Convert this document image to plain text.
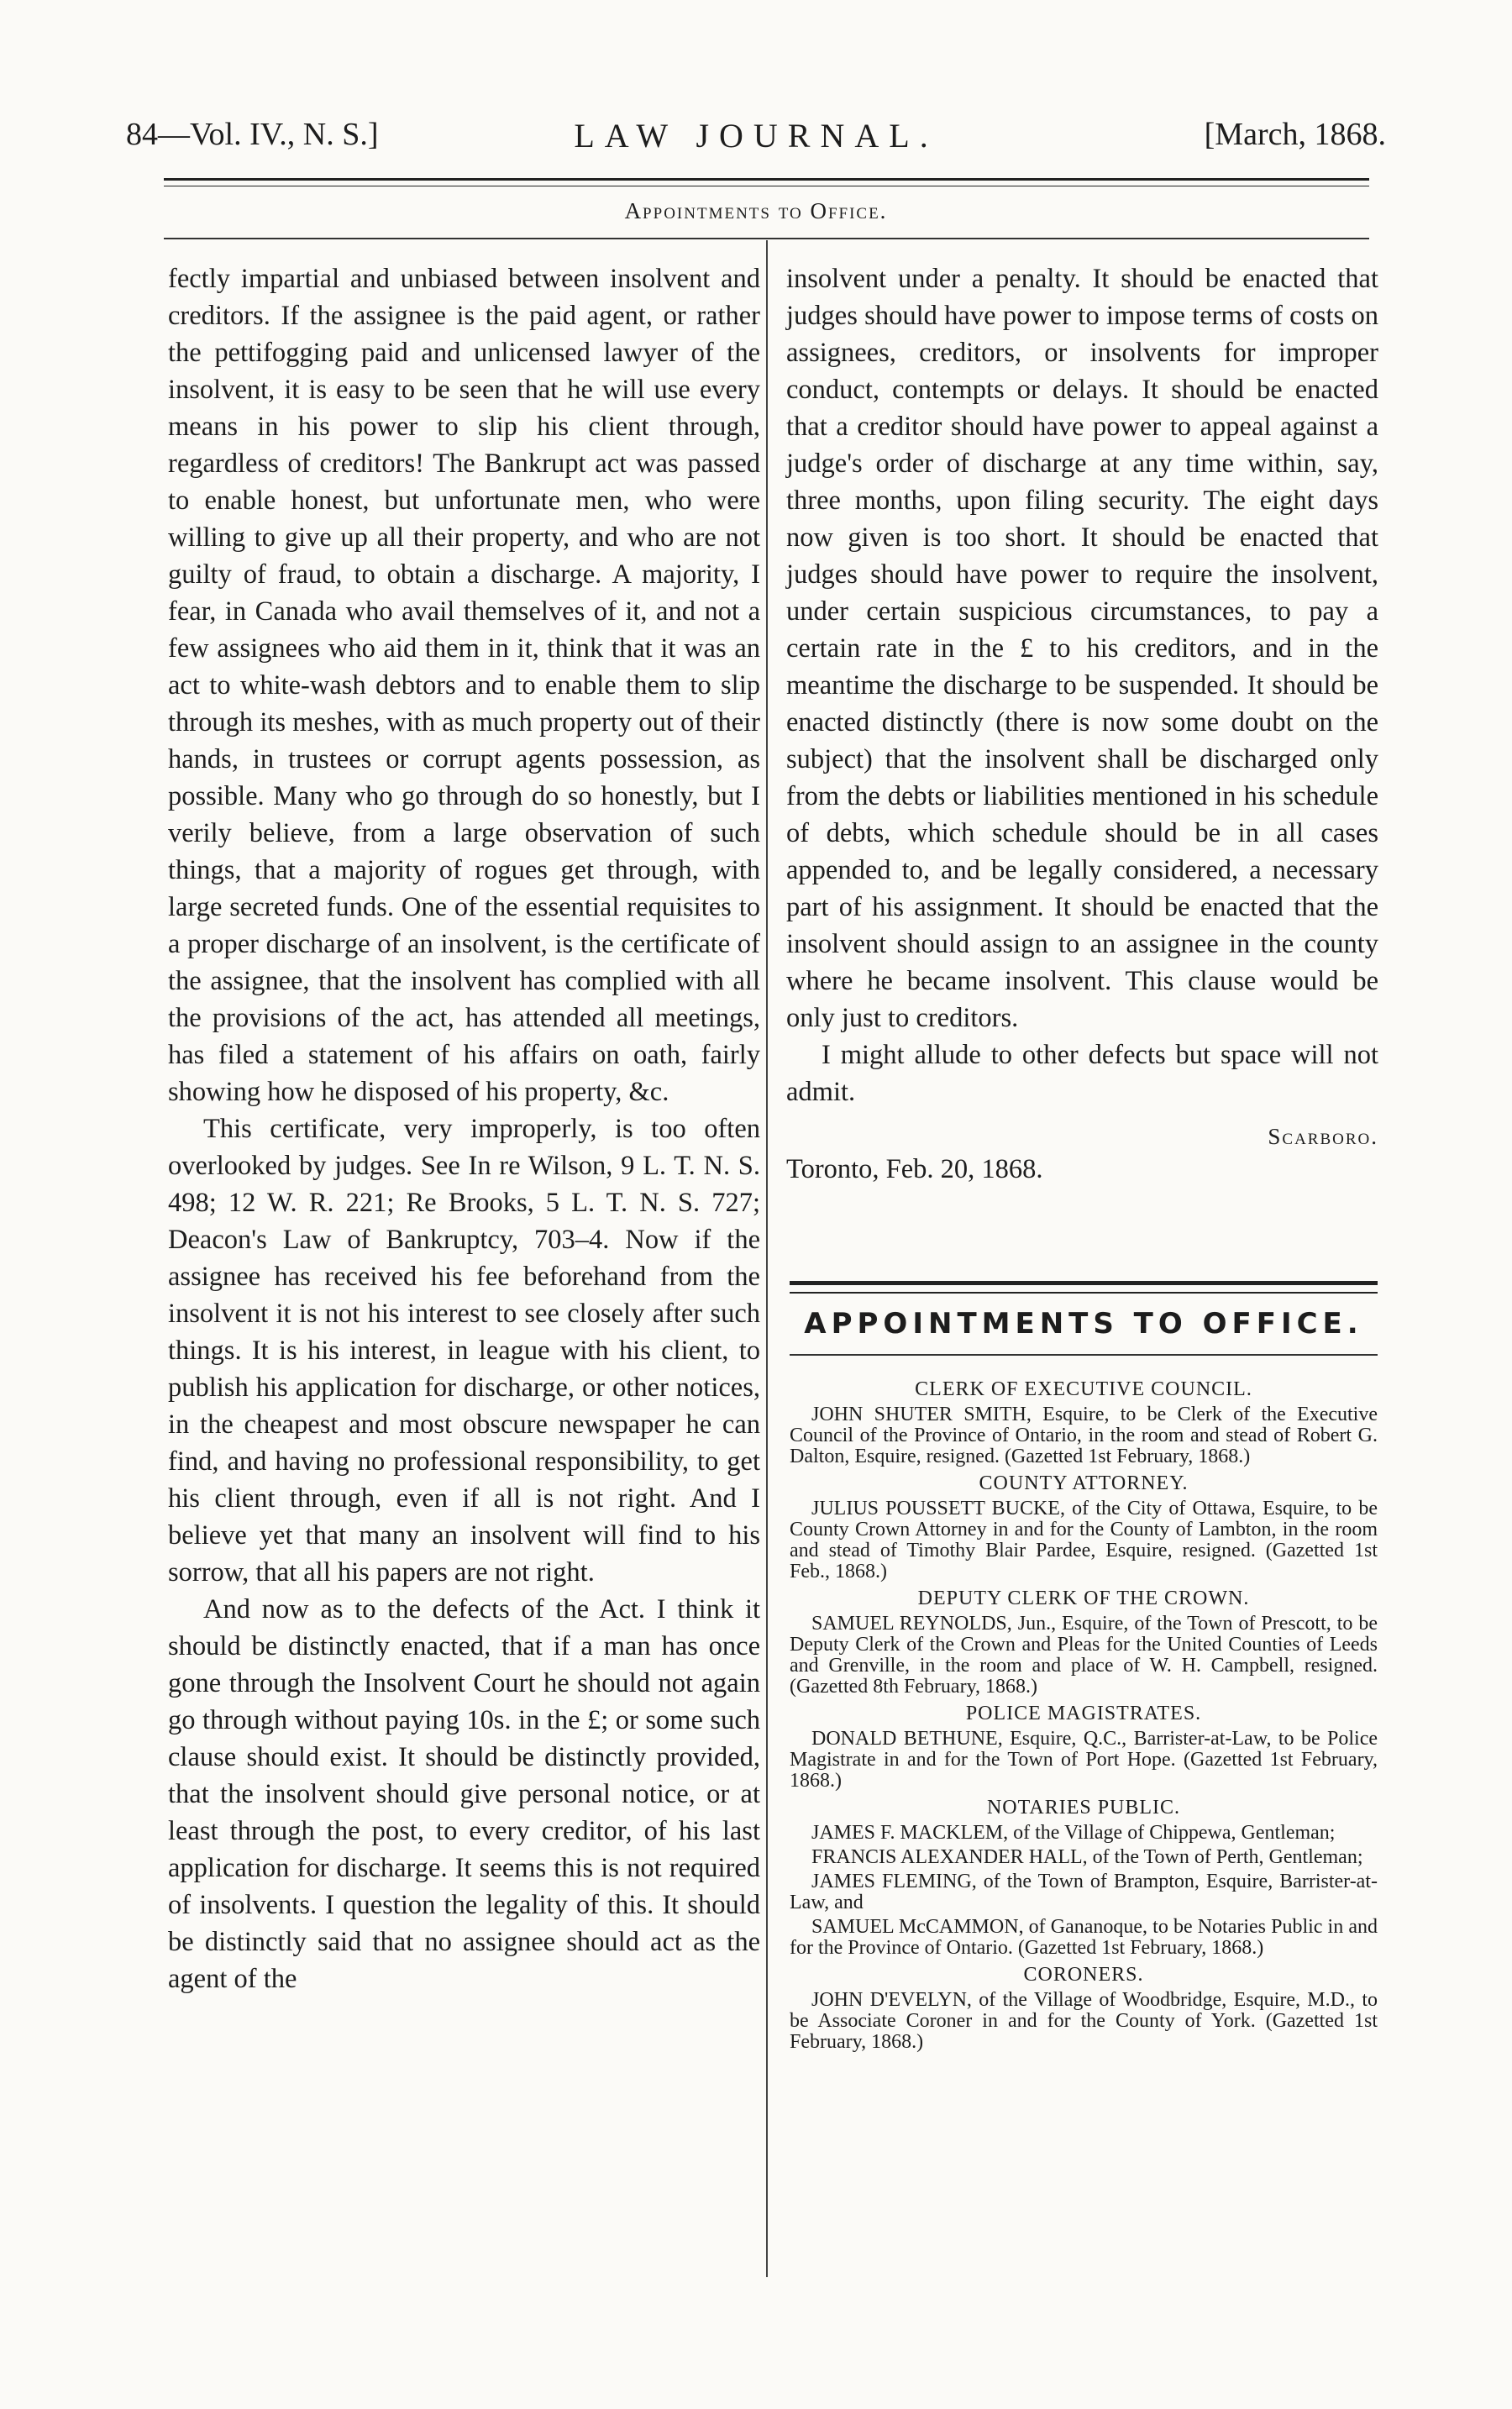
84—Vol. IV., N. S.]	LAW JOURNAL.	[March, 1868.
Appointments to Office.

fectly impartial and unbiased between insolvent and creditors. If the assignee is the paid agent, or rather the pettifogging paid and unlicensed lawyer of the insolvent, it is easy to be seen that he will use every means in his power to slip his client through, regardless of creditors! The Bankrupt act was passed to enable honest, but unfortunate men, who were willing to give up all their property, and who are not guilty of fraud, to obtain a discharge. A majority, I fear, in Canada who avail themselves of it, and not a few assignees who aid them in it, think that it was an act to white-wash debtors and to enable them to slip through its meshes, with as much property out of their hands, in trustees or corrupt agents possession, as possible. Many who go through do so honestly, but I verily believe, from a large observation of such things, that a majority of rogues get through, with large secreted funds. One of the essential requisites to a proper discharge of an insolvent, is the certificate of the assignee, that the insolvent has complied with all the provisions of the act, has attended all meetings, has filed a statement of his affairs on oath, fairly showing how he disposed of his property, &c.

This certificate, very improperly, is too often overlooked by judges. See In re Wilson, 9 L. T. N. S. 498; 12 W. R. 221; Re Brooks, 5 L. T. N. S. 727; Deacon's Law of Bankruptcy, 703–4. Now if the assignee has received his fee beforehand from the insolvent it is not his interest to see closely after such things. It is his interest, in league with his client, to publish his application for discharge, or other notices, in the cheapest and most obscure newspaper he can find, and having no professional responsibility, to get his client through, even if all is not right. And I believe yet that many an insolvent will find to his sorrow, that all his papers are not right.

And now as to the defects of the Act. I think it should be distinctly enacted, that if a man has once gone through the Insolvent Court he should not again go through without paying 10s. in the £; or some such clause should exist. It should be distinctly provided, that the insolvent should give personal notice, or at least through the post, to every creditor, of his last application for discharge. It seems this is not required of insolvents. I question the legality of this. It should be distinctly said that no assignee should act as the agent of the

insolvent under a penalty. It should be enacted that judges should have power to impose terms of costs on assignees, creditors, or insolvents for improper conduct, contempts or delays. It should be enacted that a creditor should have power to appeal against a judge's order of discharge at any time within, say, three months, upon filing security. The eight days now given is too short. It should be enacted that judges should have power to require the insolvent, under certain suspicious circumstances, to pay a certain rate in the £ to his creditors, and in the meantime the discharge to be suspended. It should be enacted distinctly (there is now some doubt on the subject) that the insolvent shall be discharged only from the debts or liabilities mentioned in his schedule of debts, which schedule should be in all cases appended to, and be legally considered, a necessary part of his assignment. It should be enacted that the insolvent should assign to an assignee in the county where he became insolvent. This clause would be only just to creditors.

I might allude to other defects but space will not admit.

Scarboro.

Toronto, Feb. 20, 1868.

APPOINTMENTS TO OFFICE.
CLERK OF EXECUTIVE COUNCIL.

JOHN SHUTER SMITH, Esquire, to be Clerk of the Executive Council of the Province of Ontario, in the room and stead of Robert G. Dalton, Esquire, resigned. (Gazetted 1st February, 1868.)

COUNTY ATTORNEY.

JULIUS POUSSETT BUCKE, of the City of Ottawa, Esquire, to be County Crown Attorney in and for the County of Lambton, in the room and stead of Timothy Blair Pardee, Esquire, resigned. (Gazetted 1st Feb., 1868.)

DEPUTY CLERK OF THE CROWN.

SAMUEL REYNOLDS, Jun., Esquire, of the Town of Prescott, to be Deputy Clerk of the Crown and Pleas for the United Counties of Leeds and Grenville, in the room and place of W. H. Campbell, resigned. (Gazetted 8th February, 1868.)

POLICE MAGISTRATES.

DONALD BETHUNE, Esquire, Q.C., Barrister-at-Law, to be Police Magistrate in and for the Town of Port Hope. (Gazetted 1st February, 1868.)

NOTARIES PUBLIC.

JAMES F. MACKLEM, of the Village of Chippewa, Gentleman;

FRANCIS ALEXANDER HALL, of the Town of Perth, Gentleman;

JAMES FLEMING, of the Town of Brampton, Esquire, Barrister-at-Law, and

SAMUEL McCAMMON, of Gananoque, to be Notaries Public in and for the Province of Ontario. (Gazetted 1st February, 1868.)

CORONERS.

JOHN D'EVELYN, of the Village of Woodbridge, Esquire, M.D., to be Associate Coroner in and for the County of York. (Gazetted 1st February, 1868.)
